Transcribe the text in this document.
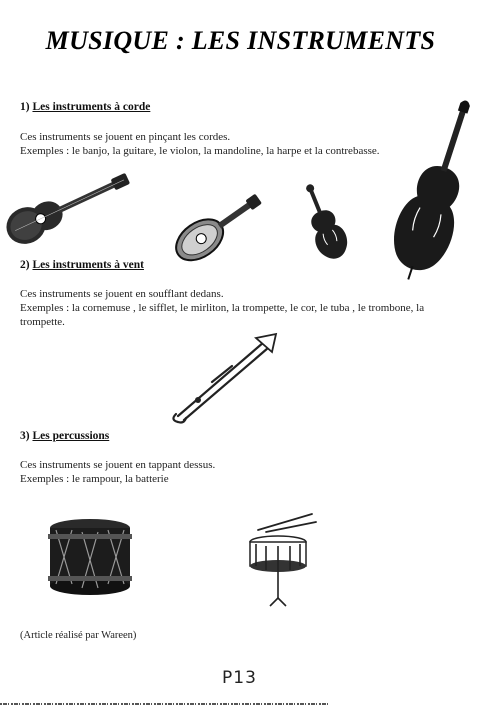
MUSIQUE : LES INSTRUMENTS
1) Les instruments à corde
Ces instruments se jouent en pinçant les cordes.
Exemples : le banjo, la guitare, le violon, la mandoline, la harpe et la contrebasse.
2) Les instruments à vent
Ces instruments se jouent en soufflant dedans.
Exemples : la cornemuse , le sifflet, le mirliton, la trompette, le cor, le tuba , le trombone, la trompette.
3) Les percussions
Ces instruments se jouent en tappant dessus.
Exemples : le rampour, la batterie
(Article réalisé par Wareen)
P13
